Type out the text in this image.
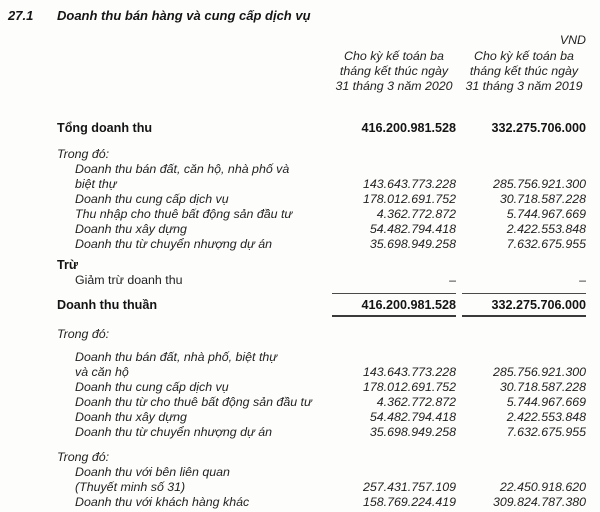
27.1	Doanh thu bán hàng và cung cấp dịch vụ
VND
Cho kỳ kế toán ba
tháng kết thúc ngày
31 tháng 3 năm 2020
Cho kỳ kế toán ba
tháng kết thúc ngày
31 tháng 3 năm 2019
Tổng doanh thu	416.200.981.528	332.275.706.000
Trong đó:
Doanh thu bán đất, căn hộ, nhà phố và
biệt thự	143.643.773.228	285.756.921.300
Doanh thu cung cấp dịch vụ	178.012.691.752	30.718.587.228
Thu nhập cho thuê bất động sản đầu tư	4.362.772.872	5.744.967.669
Doanh thu xây dựng	54.482.794.418	2.422.553.848
Doanh thu từ chuyển nhượng dự án	35.698.949.258	7.632.675.955
Trừ
Giảm trừ doanh thu	–	–
Doanh thu thuần	416.200.981.528	332.275.706.000
Trong đó:
Doanh thu bán đất, nhà phố, biệt thự
và căn hộ	143.643.773.228	285.756.921.300
Doanh thu cung cấp dịch vụ	178.012.691.752	30.718.587.228
Doanh thu từ cho thuê bất động sản đầu tư	4.362.772.872	5.744.967.669
Doanh thu xây dựng	54.482.794.418	2.422.553.848
Doanh thu từ chuyển nhượng dự án	35.698.949.258	7.632.675.955
Trong đó:
Doanh thu với bên liên quan
(Thuyết minh số 31)	257.431.757.109	22.450.918.620
Doanh thu với khách hàng khác	158.769.224.419	309.824.787.380
